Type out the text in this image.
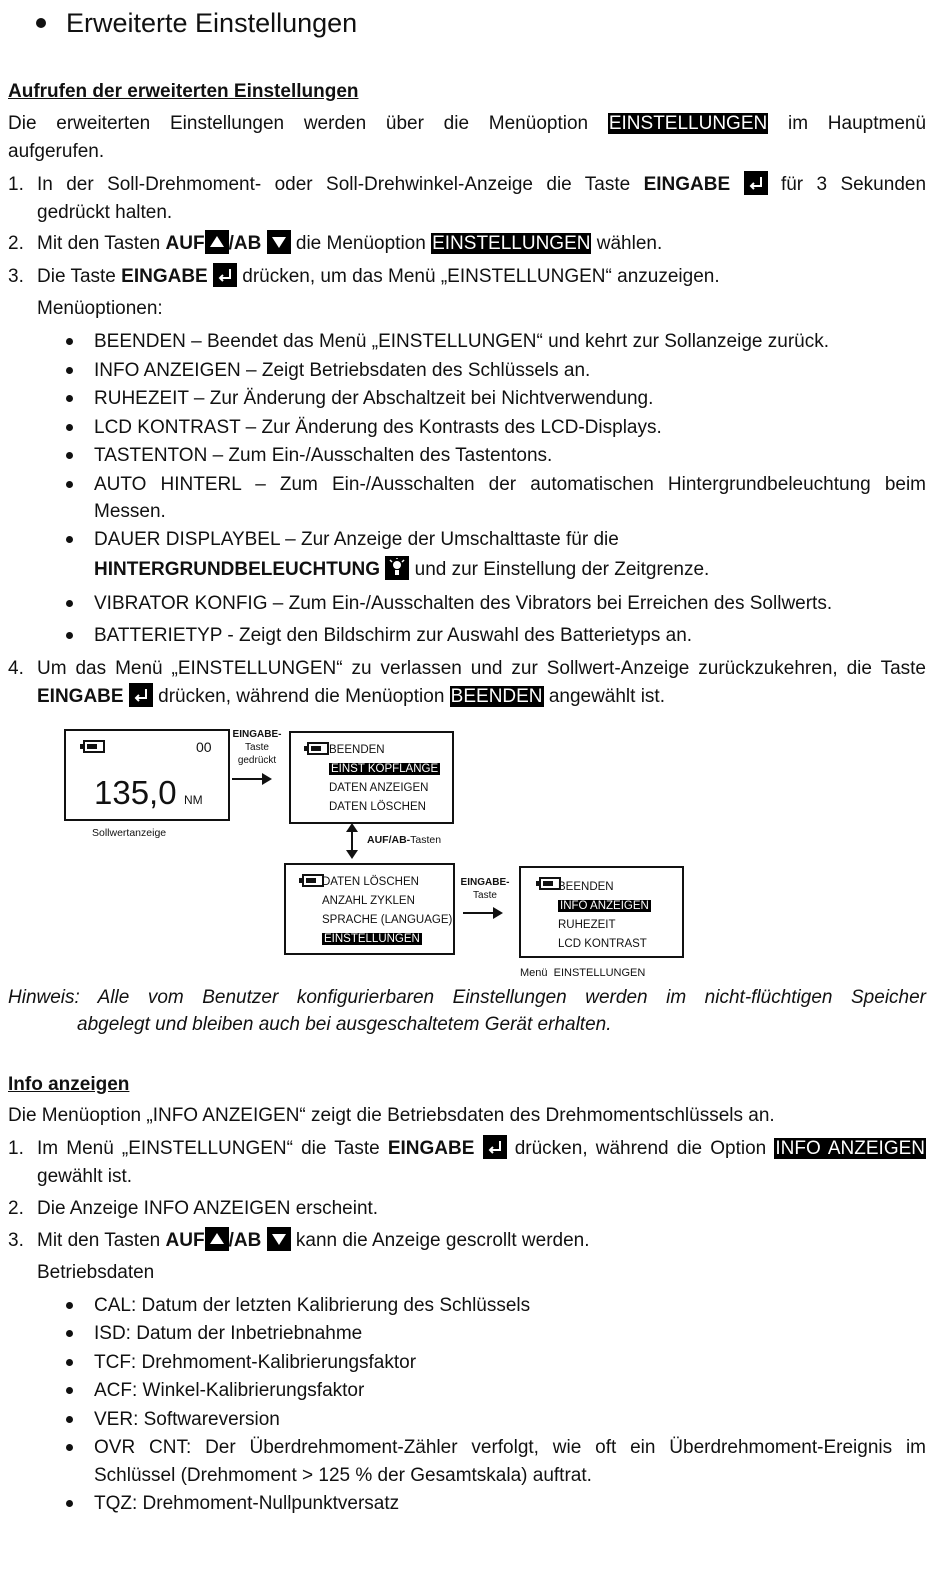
Erweiterte Einstellungen
Aufrufen der erweiterten Einstellungen
Die erweiterten Einstellungen werden über die Menüoption EINSTELLUNGEN im Hauptmenü
aufgerufen.
1. In der Soll-Drehmoment- oder Soll-Drehwinkel-Anzeige die Taste EINGABE	für 3 Sekunden
gedrückt halten.
2. Mit den Tasten AUF /AB die Menüoption EINSTELLUNGEN wählen.
3. Die Taste EINGABE drücken, um das Menü „EINSTELLUNGEN“ anzuzeigen.
Menüoptionen:
BEENDEN – Beendet das Menü „EINSTELLUNGEN“ und kehrt zur Sollanzeige zurück.
INFO ANZEIGEN – Zeigt Betriebsdaten des Schlüssels an.
RUHEZEIT – Zur Änderung der Abschaltzeit bei Nichtverwendung.
LCD KONTRAST – Zur Änderung des Kontrasts des LCD-Displays.
TASTENTON – Zum Ein-/Ausschalten des Tastentons.
AUTO HINTERL – Zum Ein-/Ausschalten der automatischen Hintergrundbeleuchtung beim
Messen.
DAUER DISPLAYBEL – Zur Anzeige der Umschalttaste für die
HINTERGRUNDBELEUCHTUNG und zur Einstellung der Zeitgrenze.
VIBRATOR KONFIG – Zum Ein-/Ausschalten des Vibrators bei Erreichen des Sollwerts.
BATTERIETYP - Zeigt den Bildschirm zur Auswahl des Batterietyps an.
4. Um das Menü „EINSTELLUNGEN“ zu verlassen und zur Sollwert-Anzeige zurückzukehren, die Taste
EINGABE drücken, während die Menüoption BEENDEN angewählt ist.
00
135,0 NM
Sollwertanzeige
EINGABE-
Taste
gedrückt
BEENDEN
EINST KOPFLÄNGE
DATEN ANZEIGEN
DATEN LÖSCHEN
AUF/AB-Tasten
DATEN LÖSCHEN
ANZAHL ZYKLEN
SPRACHE (LANGUAGE)
EINSTELLUNGEN
EINGABE-
Taste
BEENDEN
INFO ANZEIGEN
RUHEZEIT
LCD KONTRAST
Menü  EINSTELLUNGEN
Hinweis: Alle vom Benutzer konfigurierbaren Einstellungen werden im nicht-flüchtigen Speicher
abgelegt und bleiben auch bei ausgeschaltetem Gerät erhalten.
Info anzeigen
Die Menüoption „INFO ANZEIGEN“ zeigt die Betriebsdaten des Drehmomentschlüssels an.
1. Im Menü „EINSTELLUNGEN“ die Taste EINGABE drücken, während die Option INFO ANZEIGEN
gewählt ist.
2. Die Anzeige INFO ANZEIGEN erscheint.
3. Mit den Tasten AUF /AB kann die Anzeige gescrollt werden.
Betriebsdaten
CAL: Datum der letzten Kalibrierung des Schlüssels
ISD: Datum der Inbetriebnahme
TCF: Drehmoment-Kalibrierungsfaktor
ACF: Winkel-Kalibrierungsfaktor
VER: Softwareversion
OVR CNT: Der Überdrehmoment-Zähler verfolgt, wie oft ein Überdrehmoment-Ereignis im
Schlüssel (Drehmoment > 125 % der Gesamtskala) auftrat.
TQZ: Drehmoment-Nullpunktversatz
